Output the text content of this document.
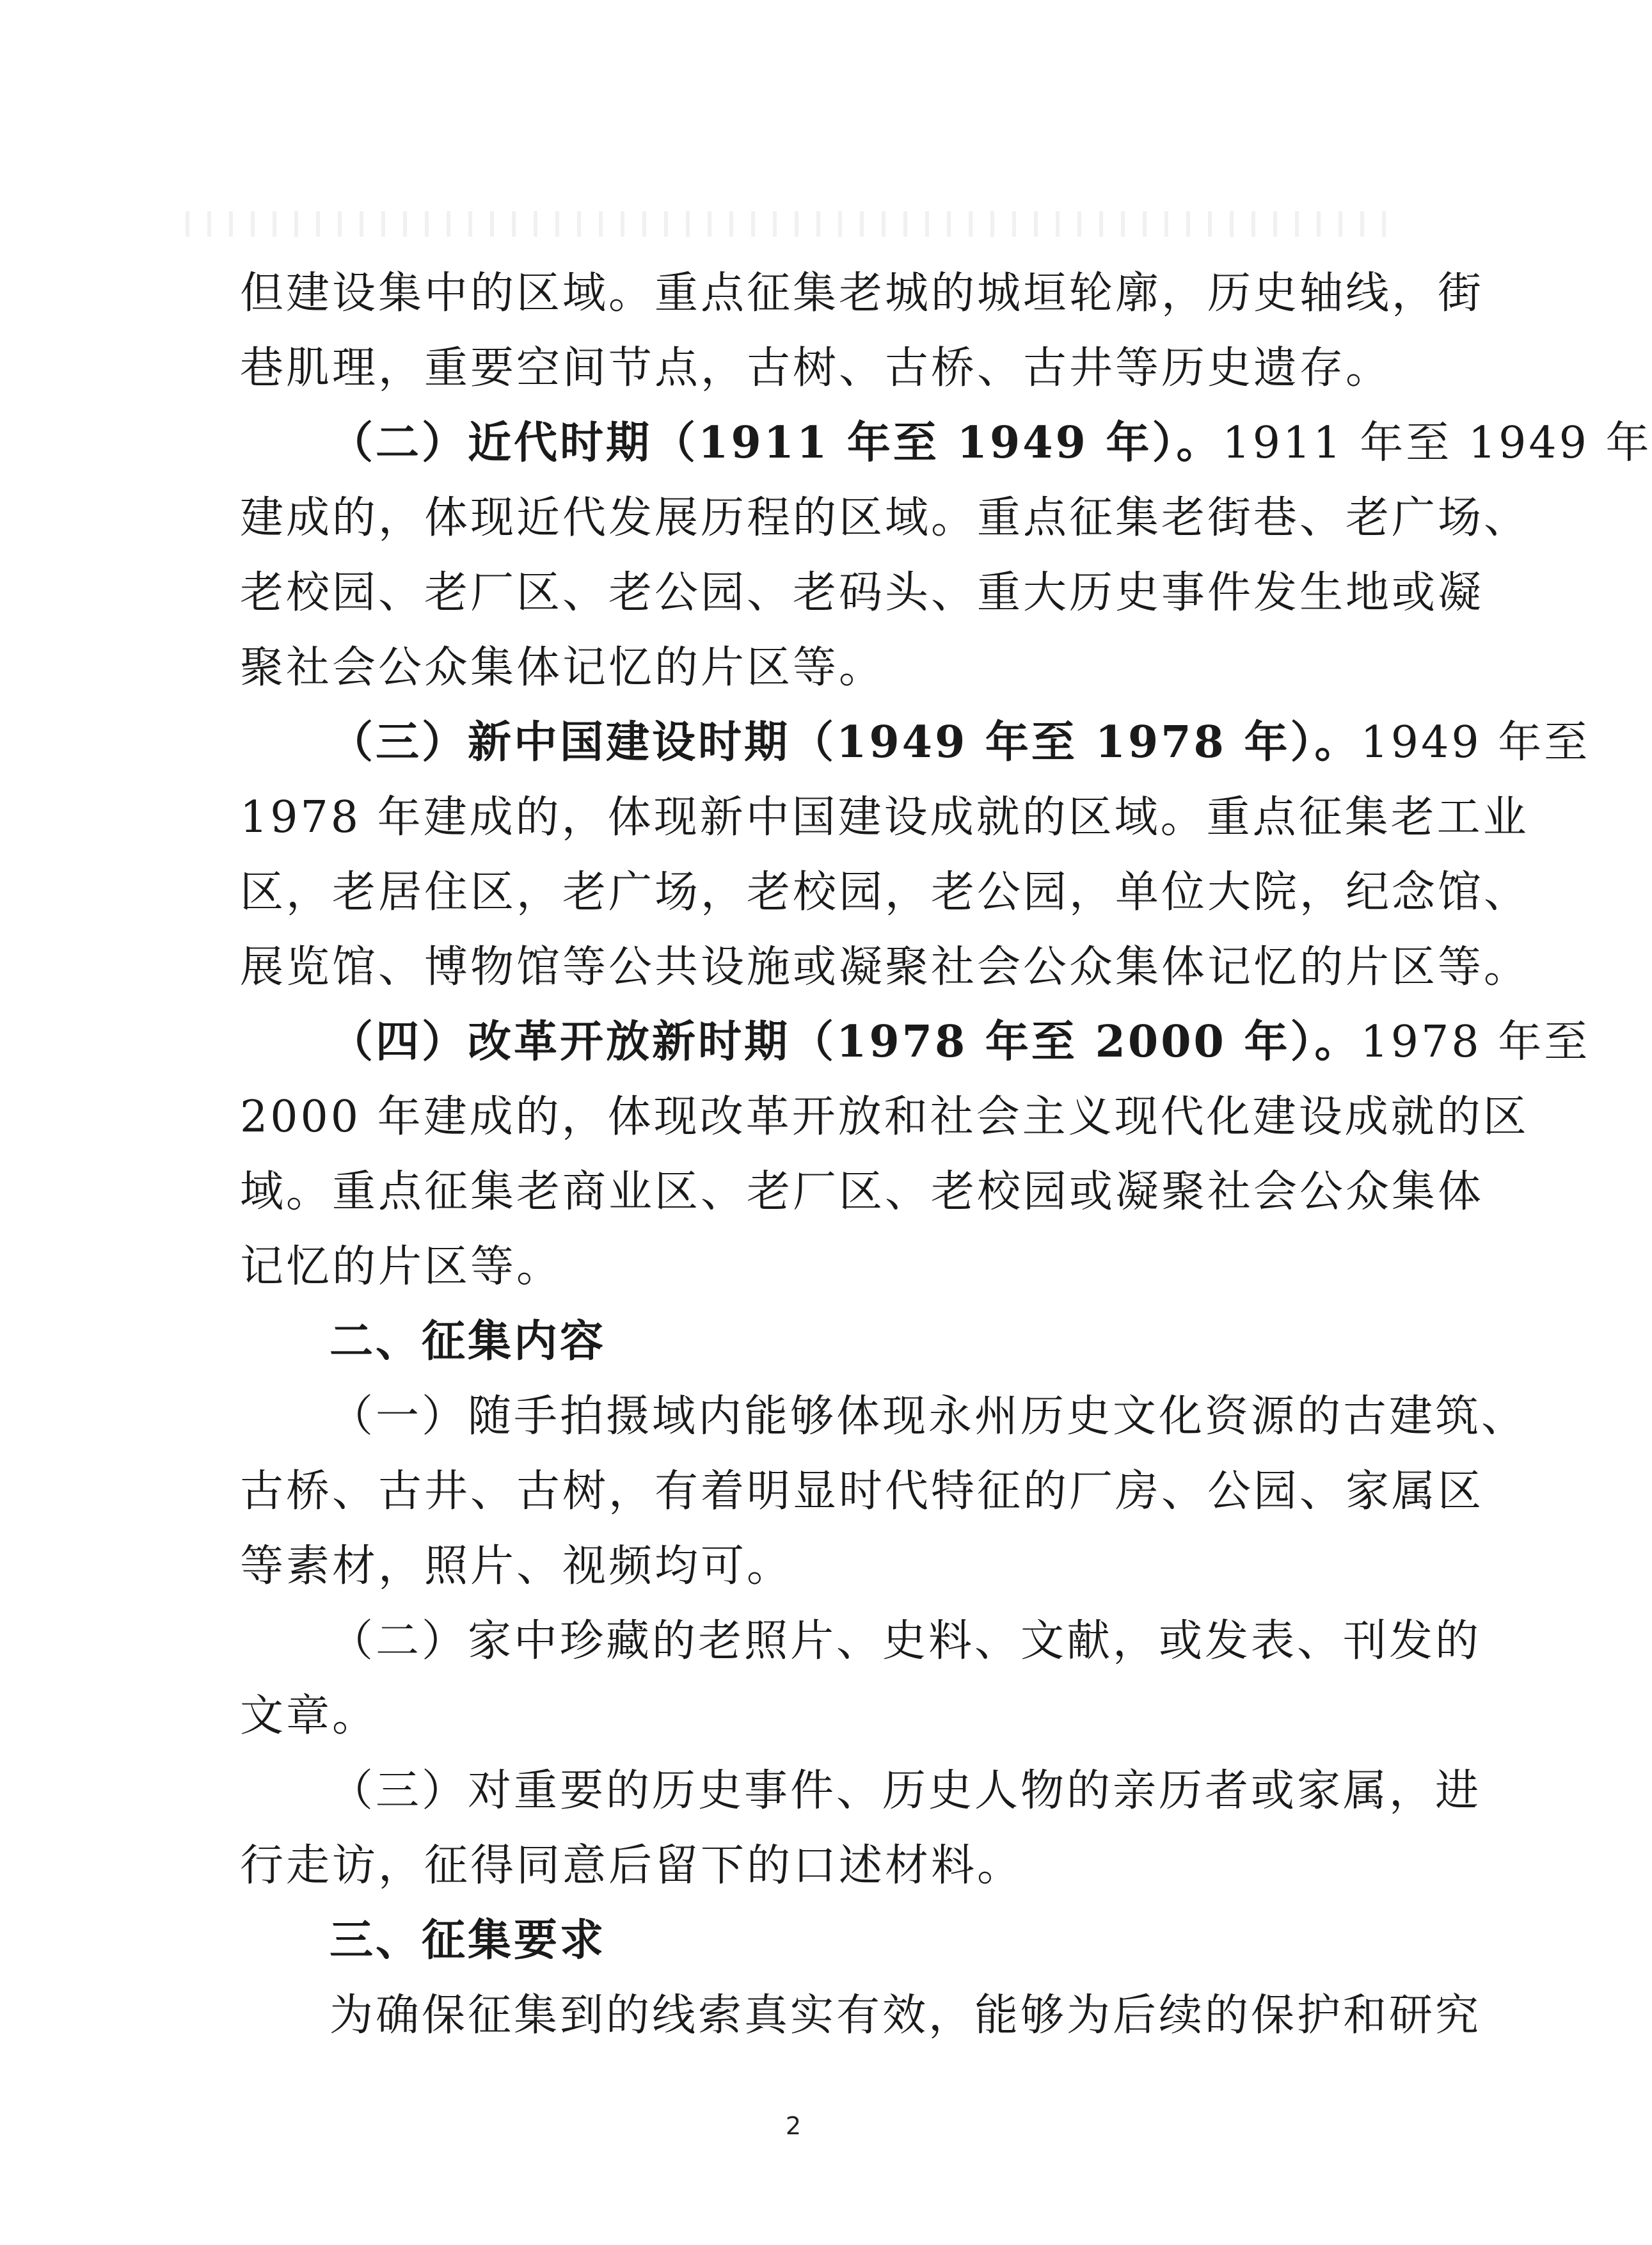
但建设集中的区域。重点征集老城的城垣轮廓，历史轴线，街
巷肌理，重要空间节点，古树、古桥、古井等历史遗存。
（二）近代时期（1911 年至 1949 年）。1911 年至 1949 年
建成的，体现近代发展历程的区域。重点征集老街巷、老广场、
老校园、老厂区、老公园、老码头、重大历史事件发生地或凝
聚社会公众集体记忆的片区等。
（三）新中国建设时期（1949 年至 1978 年）。1949 年至
1978 年建成的，体现新中国建设成就的区域。重点征集老工业
区，老居住区，老广场，老校园，老公园，单位大院，纪念馆、
展览馆、博物馆等公共设施或凝聚社会公众集体记忆的片区等。
（四）改革开放新时期（1978 年至 2000 年）。1978 年至
2000 年建成的，体现改革开放和社会主义现代化建设成就的区
域。重点征集老商业区、老厂区、老校园或凝聚社会公众集体
记忆的片区等。
二、征集内容
（一）随手拍摄域内能够体现永州历史文化资源的古建筑、
古桥、古井、古树，有着明显时代特征的厂房、公园、家属区
等素材，照片、视频均可。
（二）家中珍藏的老照片、史料、文献，或发表、刊发的
文章。
（三）对重要的历史事件、历史人物的亲历者或家属，进
行走访，征得同意后留下的口述材料。
三、征集要求
为确保征集到的线索真实有效，能够为后续的保护和研究
2
